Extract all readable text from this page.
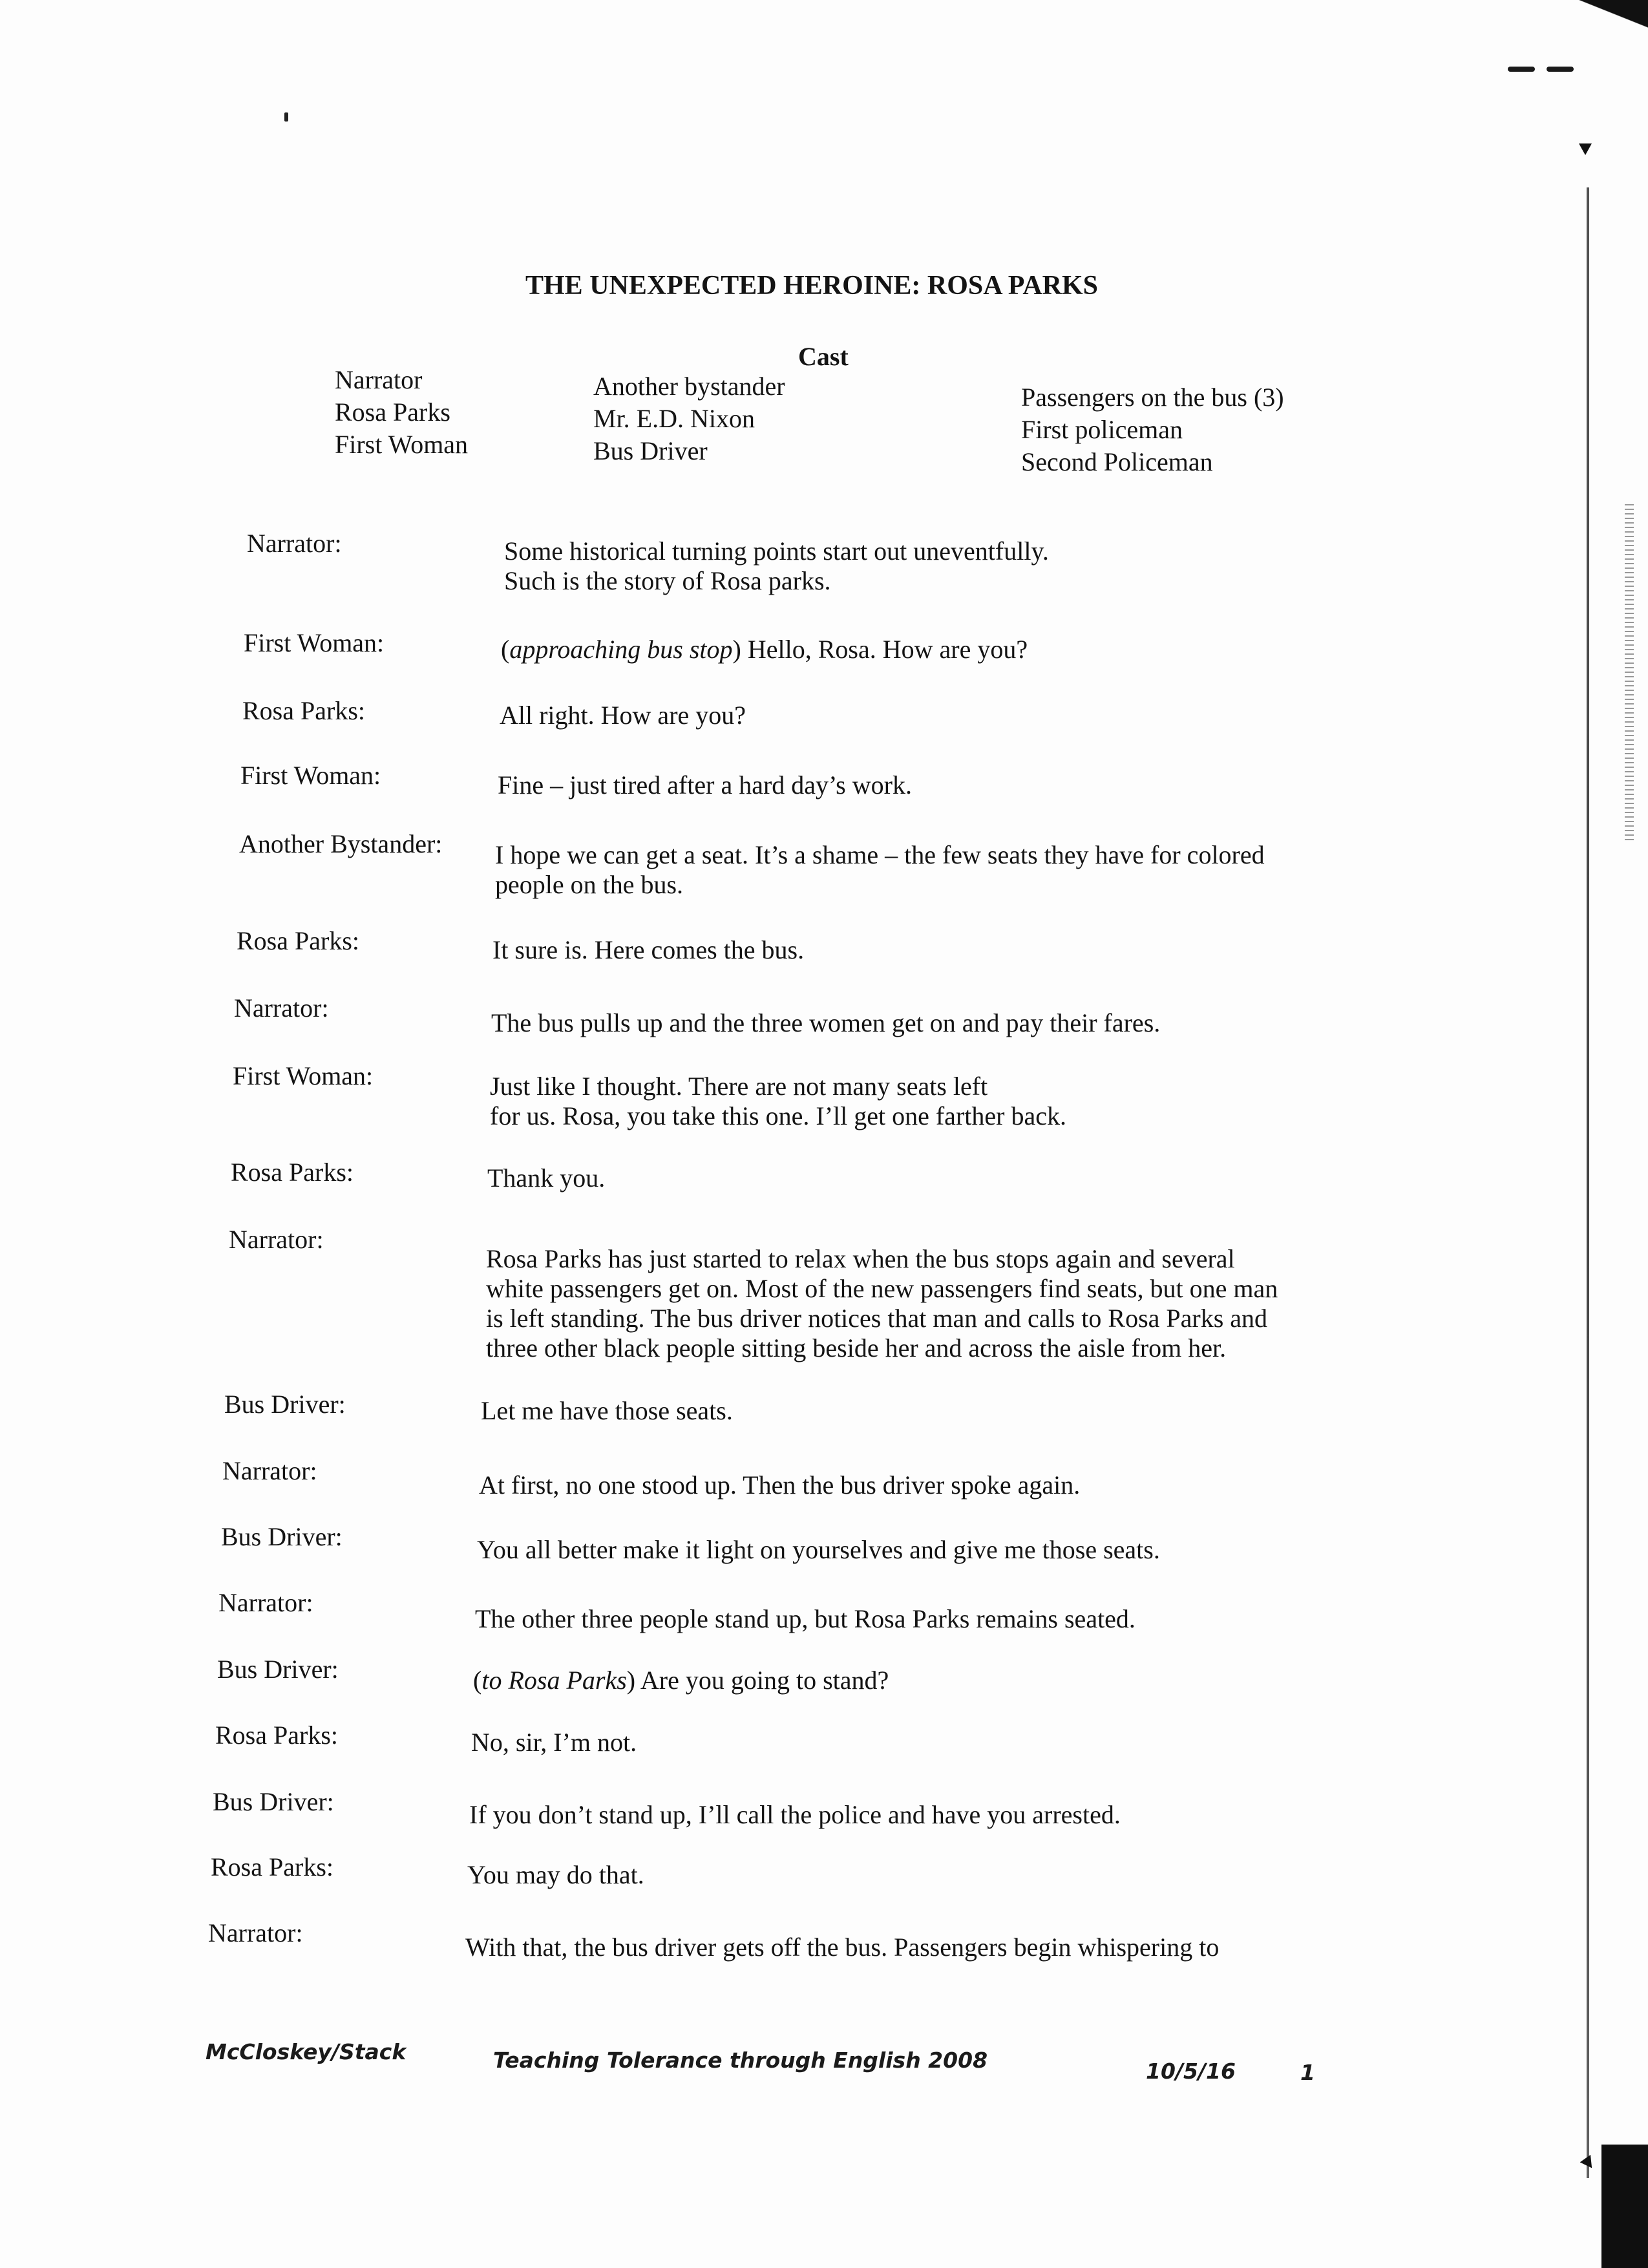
THE UNEXPECTED HEROINE: ROSA PARKS
Cast
Narrator
Rosa Parks
First Woman
Another bystander
Mr. E.D. Nixon
Bus Driver
Passengers on the bus (3)
First policeman
Second Policeman
Narrator:	Some historical turning points start out uneventfully.
Such is the story of Rosa parks.
First Woman:	(approaching bus stop) Hello, Rosa. How are you?
Rosa Parks:	All right. How are you?
First Woman:	Fine – just tired after a hard day’s work.
Another Bystander: I hope we can get a seat. It’s a shame – the few seats they have for colored
people on the bus.
Rosa Parks:	It sure is. Here comes the bus.
Narrator:
The bus pulls up and the three women get on and pay their fares.
First Woman:	Just like I thought. There are not many seats left
for us. Rosa, you take this one. I’ll get one farther back.
Rosa Parks:	Thank you.
Narrator:
Rosa Parks has just started to relax when the bus stops again and several
white passengers get on. Most of the new passengers find seats, but one man
is left standing. The bus driver notices that man and calls to Rosa Parks and
three other black people sitting beside her and across the aisle from her.
Bus Driver:	Let me have those seats.
Narrator:	At first, no one stood up. Then the bus driver spoke again.
Bus Driver:	You all better make it light on yourselves and give me those seats.
Narrator:
The other three people stand up, but Rosa Parks remains seated.
Bus Driver:	(to Rosa Parks) Are you going to stand?
Rosa Parks:	No, sir, I’m not.
Bus Driver:	If you don’t stand up, I’ll call the police and have you arrested.
Rosa Parks:	You may do that.
Narrator:	With that, the bus driver gets off the bus. Passengers begin whispering to
McCloskey/Stack	Teaching Tolerance through English 2008	10/5/16	1
